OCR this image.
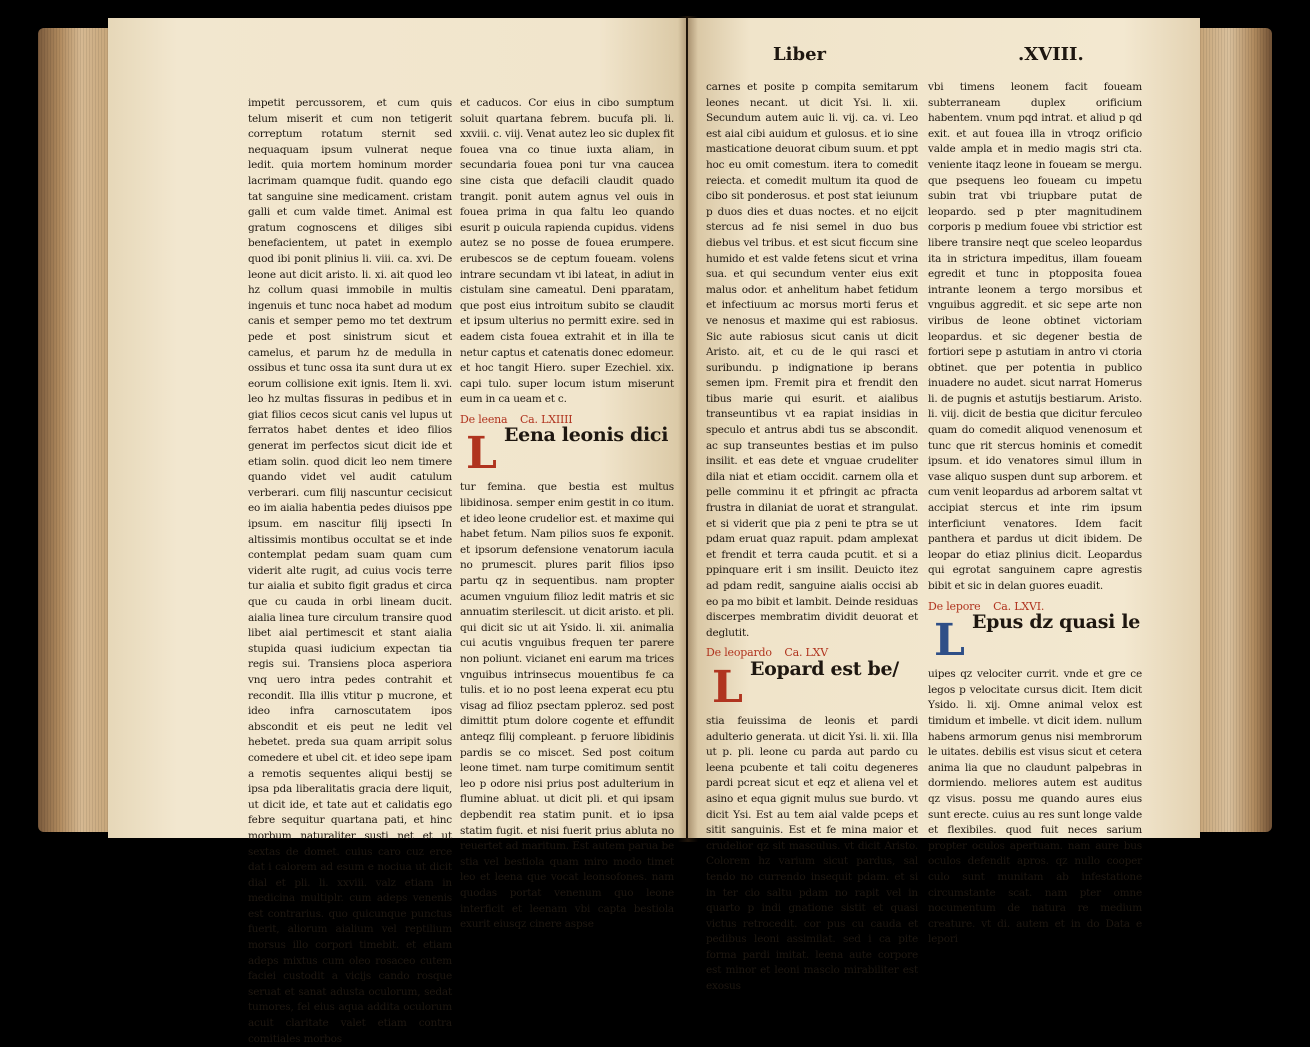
impetit percussorem, et cum quis telum miserit et cum non tetigerit correptum rotatum sternit sed nequaquam ipsum vulnerat neque ledit. quia mortem hominum morder lacrimam quamque fudit. quando ego tat sanguine sine medicament. cristam galli et cum valde timet. Animal est gratum cognoscens et diliges sibi benefacientem, ut patet in exemplo quod ibi ponit plinius li. viii. ca. xvi. De leone aut dicit aristo. li. xi. ait quod leo hz collum quasi immobile in multis ingenuis et tunc noca habet ad modum canis et semper pemo mo tet dextrum pede et post sinistrum sicut et camelus, et parum hz de medulla in ossibus et tunc ossa ita sunt dura ut ex eorum collisione exit ignis. Item li. xvi. leo hz multas fissuras in pedibus et in giat filios cecos sicut canis vel lupus ut ferratos habet dentes et ideo filios generat im perfectos sicut dicit ide et etiam solin. quod dicit leo nem timere quando videt vel audit catulum verberari. cum filij nascuntur cecisicut eo im aialia habentia pedes diuisos ppe ipsum. em nascitur filij ipsecti In altissimis montibus occultat se et inde contemplat pedam suam quam cum viderit alte rugit, ad cuius vocis terre tur aialia et subito figit gradus et circa que cu cauda in orbi lineam ducit. aialia linea ture circulum transire quod libet aial pertimescit et stant aialia stupida quasi iudicium expectan tia regis sui. Transiens ploca asperiora vnq uero intra pedes contrahit et recondit. Illa illis vtitur p mucrone, et ideo infra carnoscutatem ipos abscondit et eis peut ne ledit vel hebetet. preda sua quam arripit solus comedere et ubel cit. et ideo sepe ipam a remotis sequentes aliqui bestij se ipsa pda liberalitatis gracia dere liquit, ut dicit ide, et tate aut et calidatis ego febre sequitur quartana pati, et hinc morbum naturaliter susti net et ut sextas de domet. cuius caro cuz erce dat i calorem ad esum e nociua ut dicit dial et pli. li. xxviii. valz etiam in medicina multiplr. cum adeps venenis est contrarius. quo quicunque punctus fuerit, aliorum aialium vel reptilium morsus illo corpori timebit. et etiam adeps mixtus cum oleo rosaceo cutem faciei custodit a vicijs cando rosque seruat et sanat adusta oculorum, sedat tumores, fel eius aqua addita oculorum acuit claritate valet etiam contra comitiales morbos

et caducos. Cor eius in cibo sumptum soluit quartana febrem. bucufa pli. li. xxviii. c. viij. Venat autez leo sic duplex fit fouea vna co tinue iuxta aliam, in secundaria fouea poni tur vna caucea sine cista que defacili claudit quado trangit. ponit autem agnus vel ouis in fouea prima in qua faltu leo quando esurit p ouicula rapienda cupidus. videns autez se no posse de fouea erumpere. erubescos se de ceptum foueam. volens intrare secundam vt ibi lateat, in adiut in cistulam sine cameatul. Deni pparatam, que post eius introitum subito se claudit et ipsum ulterius no permitt exire. sed in eadem cista fouea extrahit et in illa te netur captus et catenatis donec edomeur. et hoc tangit Hiero. super Ezechiel. xix. capi tulo. super locum istum miserunt eum in ca ueam et c.

De leena Ca. LXIIII
L Eena leonis dici

tur femina. que bestia est multus libidinosa. semper enim gestit in co itum. et ideo leone crudelior est. et maxime qui habet fetum. Nam pilios suos fe exponit. et ipsorum defensione venatorum iacula no prumescit. plures parit filios ipso partu qz in sequentibus. nam propter acumen vnguium filioz ledit matris et sic annuatim sterilescit. ut dicit aristo. et pli. qui dicit sic ut ait Ysido. li. xii. animalia cui acutis vnguibus frequen ter parere non poliunt. vicianet eni earum ma trices vnguibus intrinsecus mouentibus fe ca tulis. et io no post leena experat ecu ptu visag ad filioz psectam ppleroz. sed post dimittit ptum dolore cogente et effundit anteqz filij compleant. p feruore libidinis pardis se co miscet. Sed post coitum leone timet. nam turpe comitimum sentit leo p odore nisi prius post adulterium in flumine abluat. ut dicit pli. et qui ipsam depbendit rea statim punit. et io ipsa statim fugit. et nisi fuerit prius abluta no reuertet ad maritum. Est autem parua be stia vel bestiola quam miro modo timet leo et leena que vocat leonsofones. nam quodas portat venenum quo leone interficit et leenam vbi capta bestiola exurit eiusqz cinere aspse

Liber	.XVIII.

carnes et posite p compita semitarum leones necant. ut dicit Ysi. li. xii. Secundum autem auic li. vij. ca. vi. Leo est aial cibi auidum et gulosus. et io sine masticatione deuorat cibum suum. et ppt hoc eu omit comestum. itera to comedit reiecta. et comedit multum ita quod de cibo sit ponderosus. et post stat ieiunum p duos dies et duas noctes. et no eijcit stercus ad fe nisi semel in duo bus diebus vel tribus. et est sicut ficcum sine humido et est valde fetens sicut et vrina sua. et qui secundum venter eius exit malus odor. et anhelitum habet fetidum et infectiuum ac morsus morti ferus et ve nenosus et maxime qui est rabiosus. Sic aute rabiosus sicut canis ut dicit Aristo. ait, et cu de le qui rasci et suribundu. p indignatione ip berans semen ipm. Fremit pira et frendit den tibus marie qui esurit. et aialibus transeuntibus vt ea rapiat insidias in speculo et antrus abdi tus se abscondit. ac sup transeuntes bestias et im pulso insilit. et eas dete et vnguae crudeliter dila niat et etiam occidit. carnem olla et pelle comminu it et pfringit ac pfracta frustra in dilaniat de uorat et strangulat. et si viderit que pia z peni te ptra se ut pdam eruat quaz rapuit. pdam amplexat et frendit et terra cauda pcutit. et si a ppinquare erit i sm insilit. Deuicto itez ad pdam redit, sanguine aialis occisi ab eo pa mo bibit et lambit. Deinde residuas discerpes membratim dividit deuorat et deglutit.

De leopardo Ca. LXV
L Eopard est be/

stia feuissima de leonis et pardi adulterio generata. ut dicit Ysi. li. xii. Illa ut p. pli. leone cu parda aut pardo cu leena pcubente et tali coitu degeneres pardi pcreat sicut et eqz et aliena vel et asino et equa gignit mulus sue burdo. vt dicit Ysi. Est au tem aial valde pceps et sitit sanguinis. Est et fe mina maior et crudelior qz sit masculus. vt dicit Aristo. Colorem hz varium sicut pardus, sal tendo no currendo insequit pdam. et si in ter cio saltu pdam no rapit vel in quarto p indi gnatione sistit et quasi victus retrocedit. cor pus cu cauda et pedibus leoni assimilat. sed i ca pite forma pardi imitat. leena aute corpore est minor et leoni masclo mirabiliter est exosus

vbi timens leonem facit foueam subterraneam duplex orificium habentem. vnum pqd intrat. et aliud p qd exit. et aut fouea illa in vtroqz orificio valde ampla et in medio magis stri cta. veniente itaqz leone in foueam se mergu. que psequens leo foueam cu impetu subin trat vbi triupbare putat de leopardo. sed p pter magnitudinem corporis p medium fouee vbi strictior est libere transire neqt que sceleo leopardus ita in strictura impeditus, illam foueam egredit et tunc in ptopposita fouea intrante leonem a tergo morsibus et vnguibus aggredit. et sic sepe arte non viribus de leone obtinet victoriam leopardus. et sic degener bestia de fortiori sepe p astutiam in antro vi ctoria obtinet. que per potentia in publico inuadere no audet. sicut narrat Homerus li. de pugnis et astutijs bestiarum. Aristo. li. viij. dicit de bestia que dicitur ferculeo quam do comedit aliquod venenosum et tunc que rit stercus hominis et comedit ipsum. et ido venatores simul illum in vase aliquo suspen dunt sup arborem. et cum venit leopardus ad arborem saltat vt accipiat stercus et inte rim ipsum interficiunt venatores. Idem facit panthera et pardus ut dicit ibidem. De leopar do etiaz plinius dicit. Leopardus qui egrotat sanguinem capre agrestis bibit et sic in delan guores euadit.

De lepore Ca. LXVI.
L Epus dz quasi le

uipes qz velociter currit. vnde et gre ce legos p velocitate cursus dicit. Item dicit Ysido. li. xij. Omne animal velox est timidum et imbelle. vt dicit idem. nullum habens armorum genus nisi membrorum le uitates. debilis est visus sicut et cetera anima lia que no claudunt palpebras in dormiendo. meliores autem est auditus qz visus. possu me quando aures eius sunt erecte. cuius au res sunt longe valde et flexibiles. quod fuit neces sarium propter oculos apertuam. nam aure bus oculos defendit apros. qz nullo cooper culo sunt munitam ab infestatione circumstante scat. nam pter omne nocumentum de natura re medium creature. vt di. autem et in do Data e lepori
